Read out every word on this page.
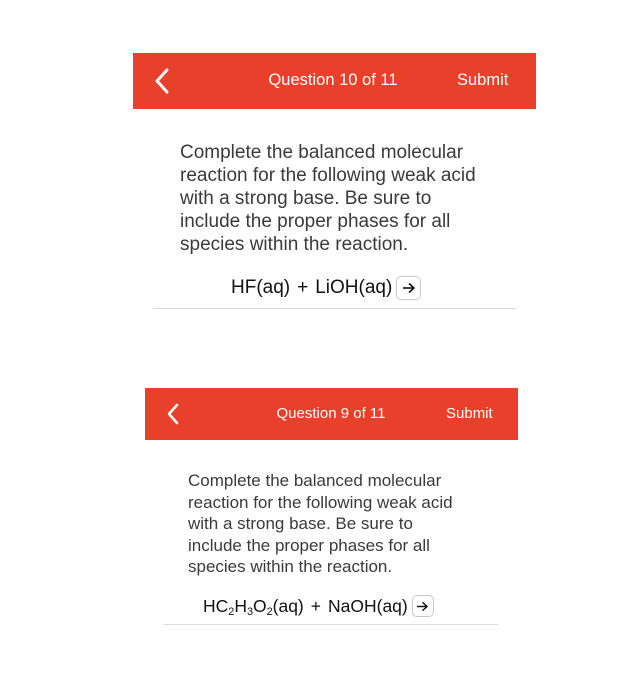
Question 10 of 11	Submit

Complete the balanced molecular
reaction for the following weak acid
with a strong base. Be sure to
include the proper phases for all
species within the reaction.

HF(aq) + LiOH(aq)
Question 9 of 11	Submit

Complete the balanced molecular
reaction for the following weak acid
with a strong base. Be sure to
include the proper phases for all
species within the reaction.

HC2H3O2(aq) + NaOH(aq)
